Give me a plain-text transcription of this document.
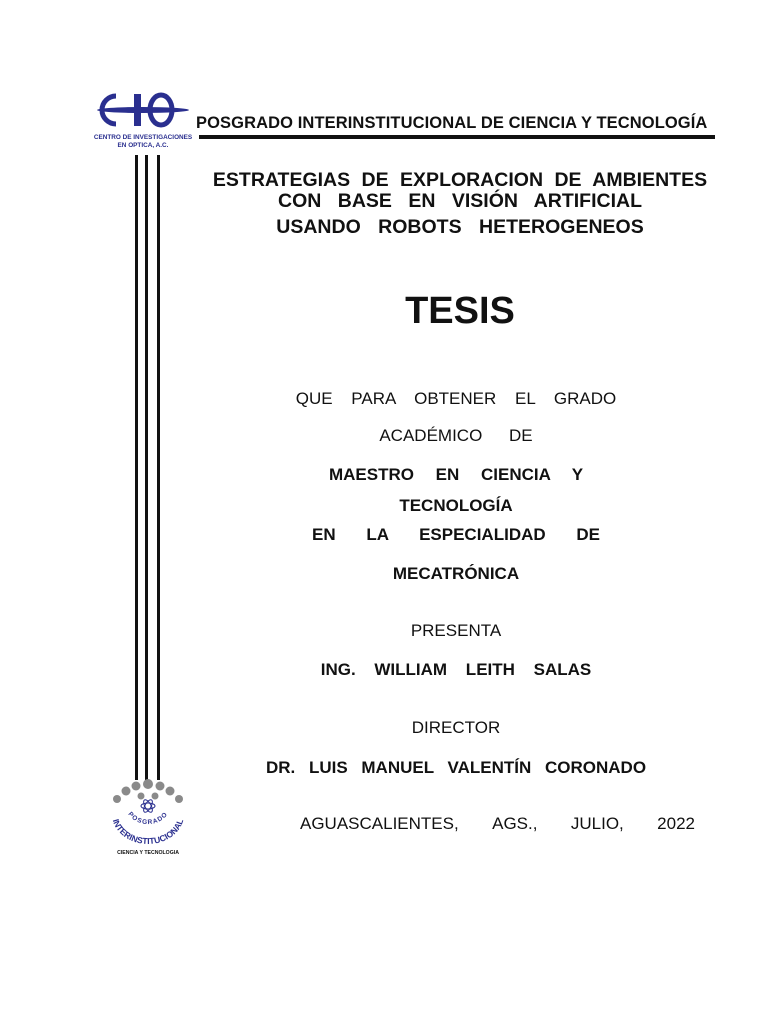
CENTRO DE INVESTIGACIONES
EN OPTICA, A.C.
POSGRADO INTERINSTITUCIONAL DE CIENCIA Y TECNOLOGÍA
ESTRATEGIAS DE EXPLORACION DE AMBIENTES
CON BASE EN VISIÓN ARTIFICIAL
USANDO ROBOTS HETEROGENEOS
TESIS
QUE PARA OBTENER EL GRADO
ACADÉMICO DE
MAESTRO EN CIENCIA Y
TECNOLOGÍA
EN LA ESPECIALIDAD DE
MECATRÓNICA
PRESENTA
ING. WILLIAM LEITH SALAS
DIRECTOR
DR. LUIS MANUEL VALENTÍN CORONADO
AGUASCALIENTES, AGS., JULIO, 2022
POSGRADO
INTERINSTITUCIONAL
CIENCIA Y TECNOLOGIA
